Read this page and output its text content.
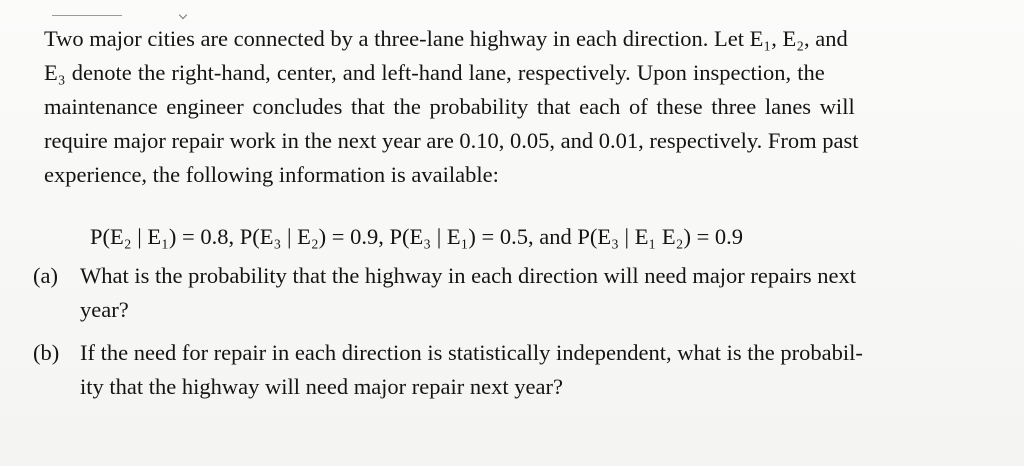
Two major cities are connected by a three-lane highway in each direction. Let E₁, E₂, and
E₃ denote the right-hand, center, and left-hand lane, respectively. Upon inspection, the
maintenance engineer concludes that the probability that each of these three lanes will
require major repair work in the next year are 0.10, 0.05, and 0.01, respectively. From past
experience, the following information is available:
P(E₂ | E₁) = 0.8, P(E₃ | E₂) = 0.9, P(E₃ | E₁) = 0.5, and P(E₃ | E₁ E₂) = 0.9
(a) What is the probability that the highway in each direction will need major repairs next
year?
(b) If the need for repair in each direction is statistically independent, what is the probabil-
ity that the highway will need major repair next year?
